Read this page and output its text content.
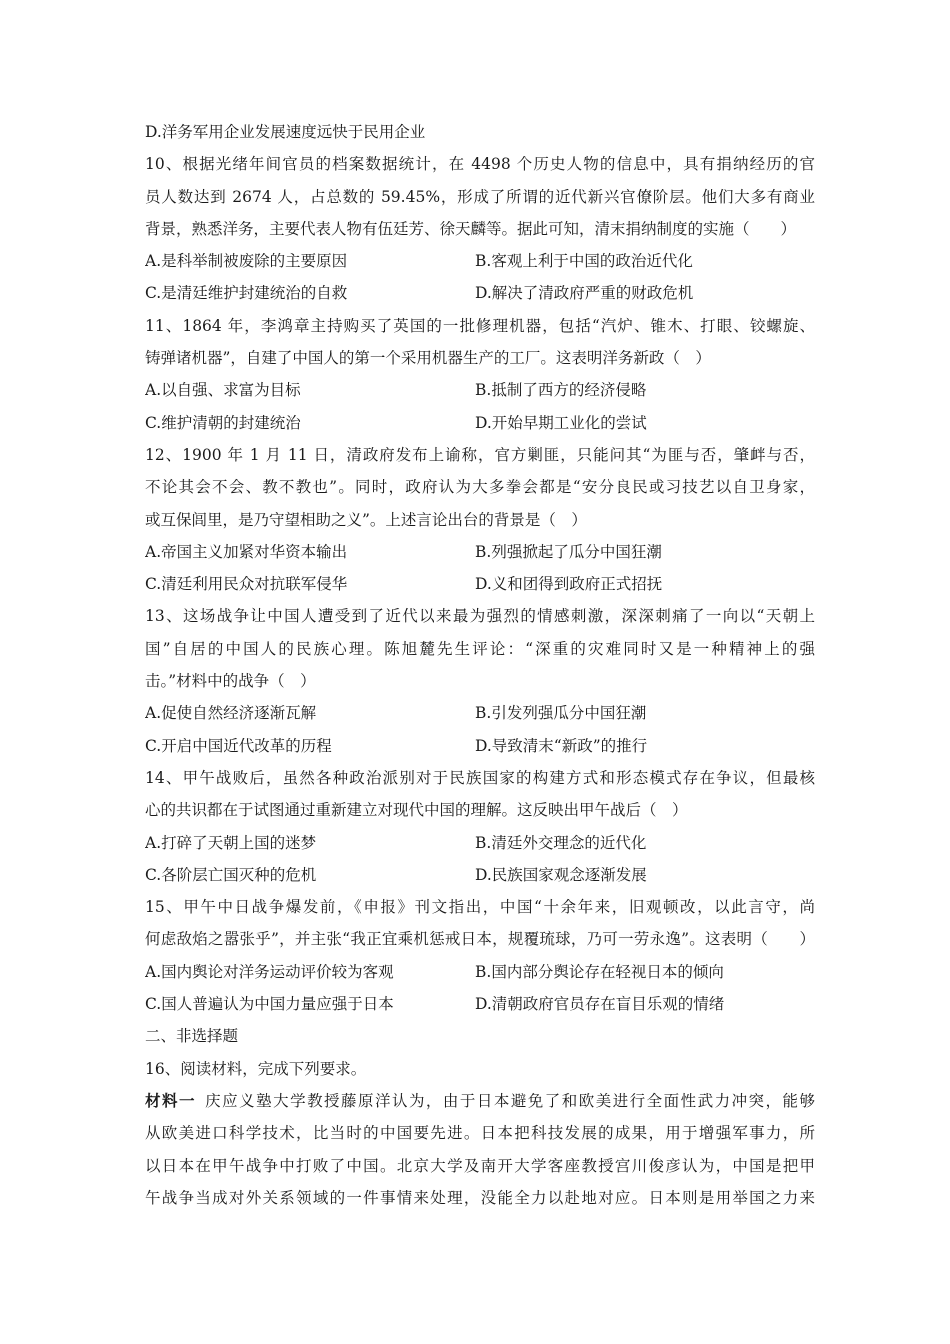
D.洋务军用企业发展速度远快于民用企业
10、根据光绪年间官员的档案数据统计，在 4498 个历史人物的信息中，具有捐纳经历的官
员人数达到 2674 人，占总数的 59.45%，形成了所谓的近代新兴官僚阶层。他们大多有商业
背景，熟悉洋务，主要代表人物有伍廷芳、徐天麟等。据此可知，清末捐纳制度的实施（　　）
A.是科举制被废除的主要原因	B.客观上利于中国的政治近代化
C.是清廷维护封建统治的自救	D.解决了清政府严重的财政危机
11、1864 年，李鸿章主持购买了英国的一批修理机器，包括“汽炉、锥木、打眼、铰螺旋、
铸弹诸机器”，自建了中国人的第一个采用机器生产的工厂。这表明洋务新政（　）
A.以自强、求富为目标	B.抵制了西方的经济侵略
C.维护清朝的封建统治	D.开始早期工业化的尝试
12、1900 年 1 月 11 日，清政府发布上谕称，官方剿匪，只能问其“为匪与否，肇衅与否，
不论其会不会、教不教也”。同时，政府认为大多拳会都是“安分良民或习技艺以自卫身家，
或互保闾里，是乃守望相助之义”。上述言论出台的背景是（　）
A.帝国主义加紧对华资本输出	B.列强掀起了瓜分中国狂潮
C.清廷利用民众对抗联军侵华	D.义和团得到政府正式招抚
13、这场战争让中国人遭受到了近代以来最为强烈的情感刺激，深深刺痛了一向以“天朝上
国”自居的中国人的民族心理。陈旭麓先生评论：“深重的灾难同时又是一种精神上的强
击。”材料中的战争（　）
A.促使自然经济逐渐瓦解	B.引发列强瓜分中国狂潮
C.开启中国近代改革的历程	D.导致清末“新政”的推行
14、甲午战败后，虽然各种政治派别对于民族国家的构建方式和形态模式存在争议，但最核
心的共识都在于试图通过重新建立对现代中国的理解。这反映出甲午战后（　）
A.打碎了天朝上国的迷梦	B.清廷外交理念的近代化
C.各阶层亡国灭种的危机	D.民族国家观念逐渐发展
15、甲午中日战争爆发前，《申报》刊文指出，中国“十余年来，旧观顿改，以此言守，尚
何虑敌焰之嚣张乎”，并主张“我正宜乘机惩戒日本，规覆琉球，乃可一劳永逸”。这表明（　　）
A.国内舆论对洋务运动评价较为客观	B.国内部分舆论存在轻视日本的倾向
C.国人普遍认为中国力量应强于日本	D.清朝政府官员存在盲目乐观的情绪
二、非选择题
16、阅读材料，完成下列要求。
材料一  庆应义塾大学教授藤原洋认为，由于日本避免了和欧美进行全面性武力冲突，能够
从欧美进口科学技术，比当时的中国要先进。日本把科技发展的成果，用于增强军事力，所
以日本在甲午战争中打败了中国。北京大学及南开大学客座教授宫川俊彦认为，中国是把甲
午战争当成对外关系领域的一件事情来处理，没能全力以赴地对应。日本则是用举国之力来
